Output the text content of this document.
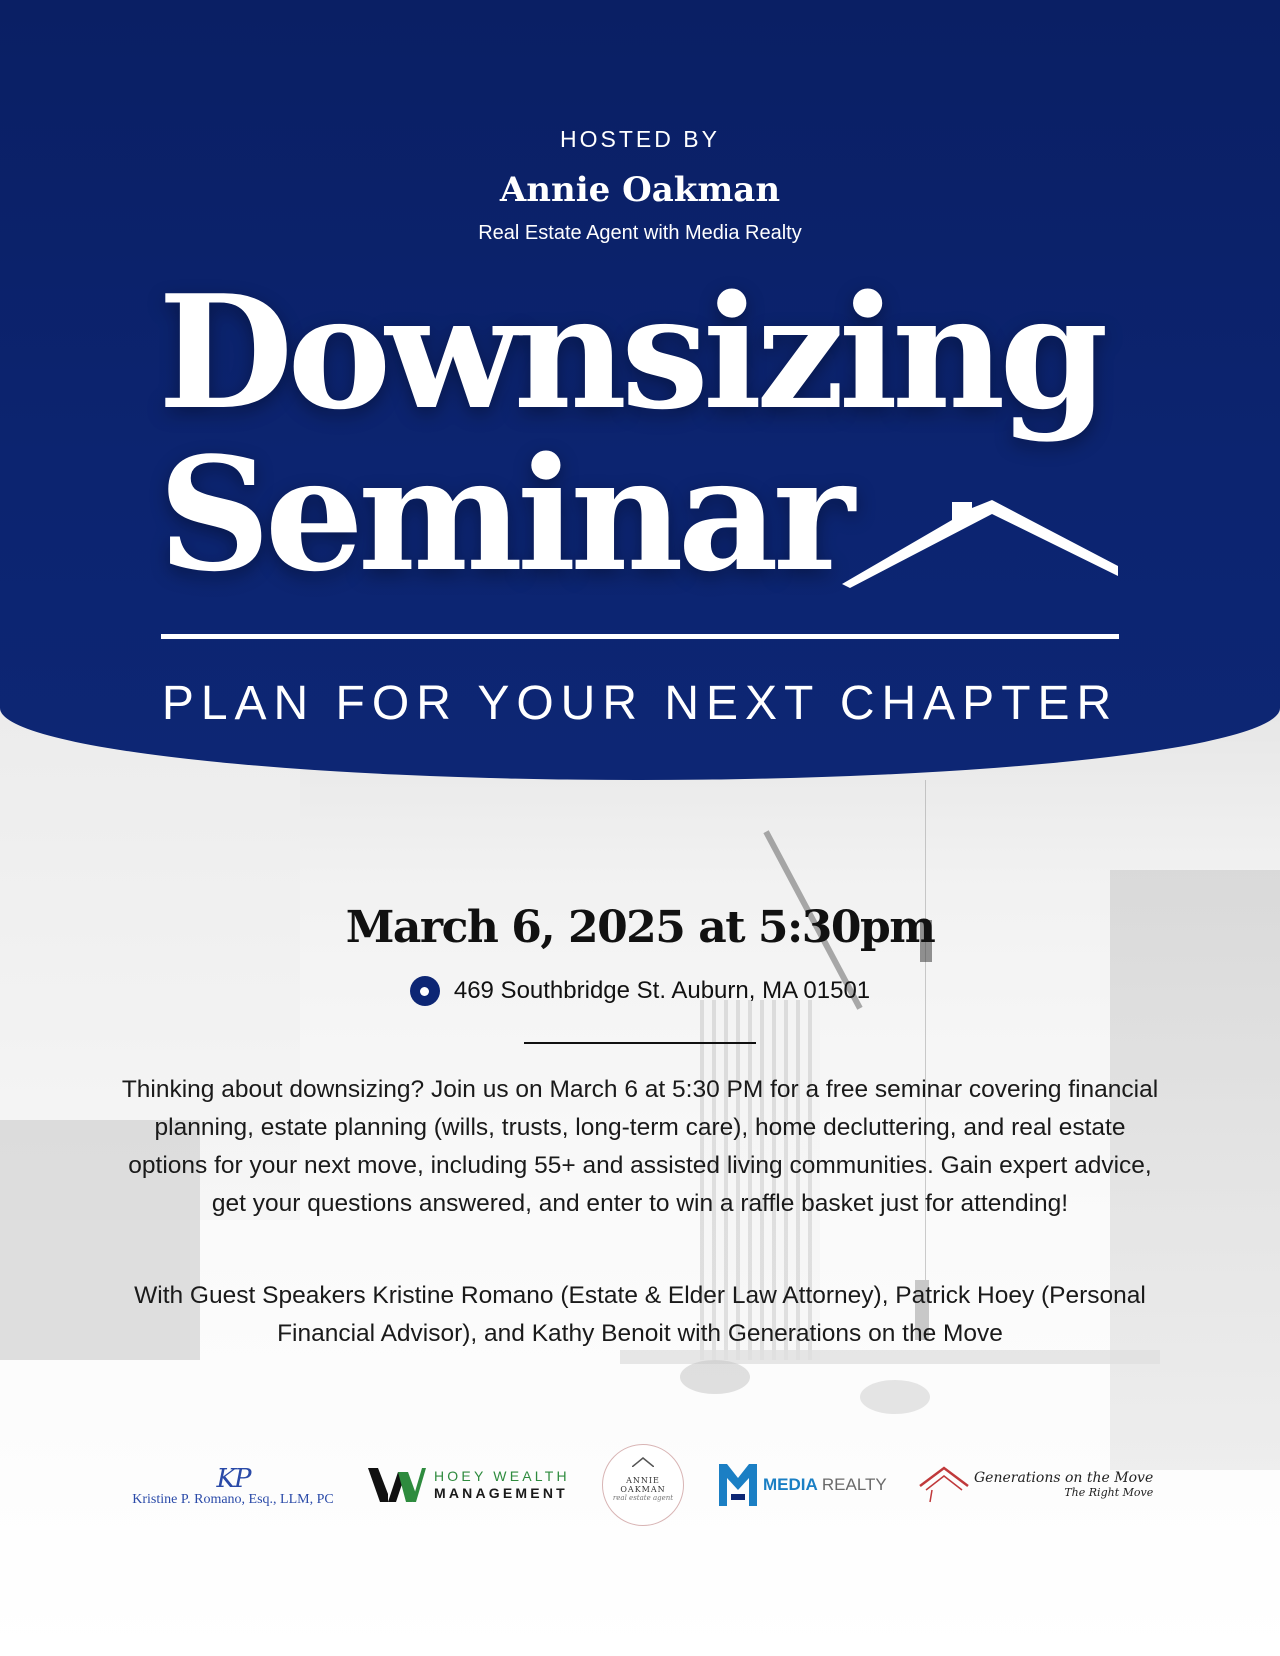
HOSTED BY
Annie Oakman
Real Estate Agent with Media Realty
Downsizing
Seminar
PLAN FOR YOUR NEXT CHAPTER
March 6, 2025 at 5:30pm
469 Southbridge St. Auburn, MA 01501
Thinking about downsizing? Join us on March 6 at 5:30 PM for a free seminar covering financial planning, estate planning (wills, trusts, long-term care), home decluttering, and real estate options for your next move, including 55+ and assisted living communities. Gain expert advice, get your questions answered, and enter to win a raffle basket just for attending!
With Guest Speakers Kristine Romano (Estate & Elder Law Attorney), Patrick Hoey (Personal Financial Advisor), and Kathy Benoit with Generations on the Move
KP
Kristine P. Romano, Esq., LLM, PC
HOEY WEALTH
MANAGEMENT
ANNIE OAKMAN
real estate agent
MEDIA REALTY	Generations on the Move
The Right Move
